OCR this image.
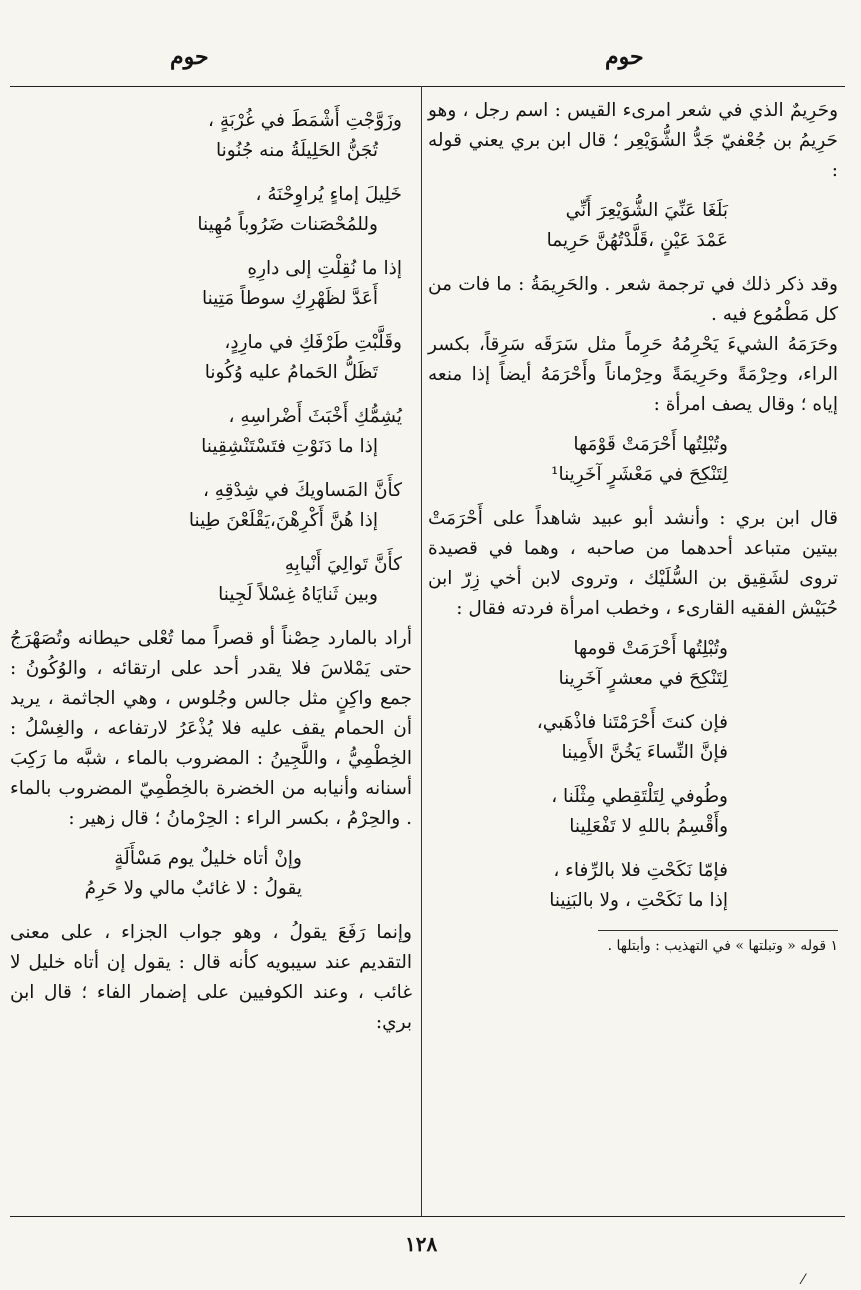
حوم
حوم

وحَرِيمٌ الذي في شعر امرىء القيس : اسم رجل ، وهو حَرِيمُ بن جُعْفيّ جَدُّ الشُّوَيْعِر ؛ قال ابن بري يعني قوله :

بَلَغَا عَنِّيَ الشُّوَيْعِرَ أَنِّي
عَمْدَ عَيْنٍ ،قَلَّدْتُهُنَّ حَرِيما

وقد ذكر ذلك في ترجمة شعر . والحَرِيمَةُ : ما فات من كل مَطْمُوع فيه .

وحَرَمَهُ الشيءَ يَحْرِمُهُ حَرِماً مثل سَرَقَه سَرِقاً، بكسر الراء، وحِرْمَةً وحَرِيمَةً وحِرْماناً وأَحْرَمَهُ أيضاً إذا منعه إياه ؛ وقال يصف امرأة :

وتُبْلِتُها أَحْرَمَتْ قَوْمَها
لِتَنْكِحَ في مَعْشَرٍ آخَرِينا¹

قال ابن بري : وأنشد أبو عبيد شاهداً على أَحْرَمَتْ بيتين متباعد أحدهما من صاحبه ، وهما في قصيدة تروى لشَقِيق بن السُّلَيْك ، وتروى لابن أخي زِرّ ابن حُبَيْش الفقيه القارىء ، وخطب امرأة فردته فقال :

وتُبْلِتُها أَحْرَمَتْ قومها
لِتَنْكِحَ في معشرٍ آخَرِينا
فإن كنتَ أَحْرَمْتَنا فاذْهَبي،
فإنَّ النِّساءَ يَخُنَّ الأَمِينا
وطُوفي لِتَلْتَقِطي مِثْلَنا ،
وأَقْسِمُ باللهِ لا تَفْعَلِينا
فإمّا نَكَحْتِ فلا بالرِّفاء ،
إذا ما نَكَحْتِ ، ولا بالبَنِينا
١ قوله « وتبلتها » في التهذيب : وأبتلها .
وزَوَّجْتِ أَشْمَطَ في غُرْبَةٍ ،
تُجَنُّ الحَلِيلَةُ منه جُنُونا
خَلِيلَ إماءٍ يُراوِحْنَهُ ،
وللمُحْصَنات ضَرُوباً مُهِينا
إذا ما نُقِلْتِ إلى دارِهِ
أَعَدَّ لظَهْرِكِ سوطاً مَتِينا
وقَلَّبْتِ طَرْفَكِ في مارِدٍ،
تَظَلُّ الحَمامُ عليه وُكُونا
يُشِمُّكِ أَخْبَثَ أَضْراسِهِ ،
إذا ما دَنَوْتِ فتَسْتَنْشِقِينا
كأَنَّ المَساويكَ في شِدْقِهِ ،
إذا هُنَّ أَكْرِهْنَ،يَقْلَعْنَ طِينا
كأَنَّ تَوالِيَ أَنْيابِهِ
وبين ثَنايَاهُ غِسْلاً لَجِينا

أراد بالمارد حِصْناً أو قصراً مما تُعْلى حيطانه وتُصَهْرَجُ حتى يَمْلاسَ فلا يقدر أحد على ارتقائه ، والوُكُونُ : جمع واكِنٍ مثل جالس وجُلوس ، وهي الجاثمة ، يريد أن الحمام يقف عليه فلا يُذْعَرُ لارتفاعه ، والغِسْلُ : الخِطْمِيُّ ، واللَّجِينُ : المضروب بالماء ، شبَّه ما رَكِبَ أسنانه وأنيابه من الخضرة بالخِطْمِيّ المضروب بالماء . والحِرْمُ ، بكسر الراء : الحِرْمانُ ؛ قال زهير :

وإنْ أتاه خليلٌ يوم مَسْأَلَةٍ
يقولُ : لا غائبٌ مالي ولا حَرِمُ

وإنما رَفَعَ يقولُ ، وهو جواب الجزاء ، على معنى التقديم عند سيبويه كأنه قال : يقول إن أتاه خليل لا غائب ، وعند الكوفيين على إضمار الفاء ؛ قال ابن بري:

١٢٨
⁄
